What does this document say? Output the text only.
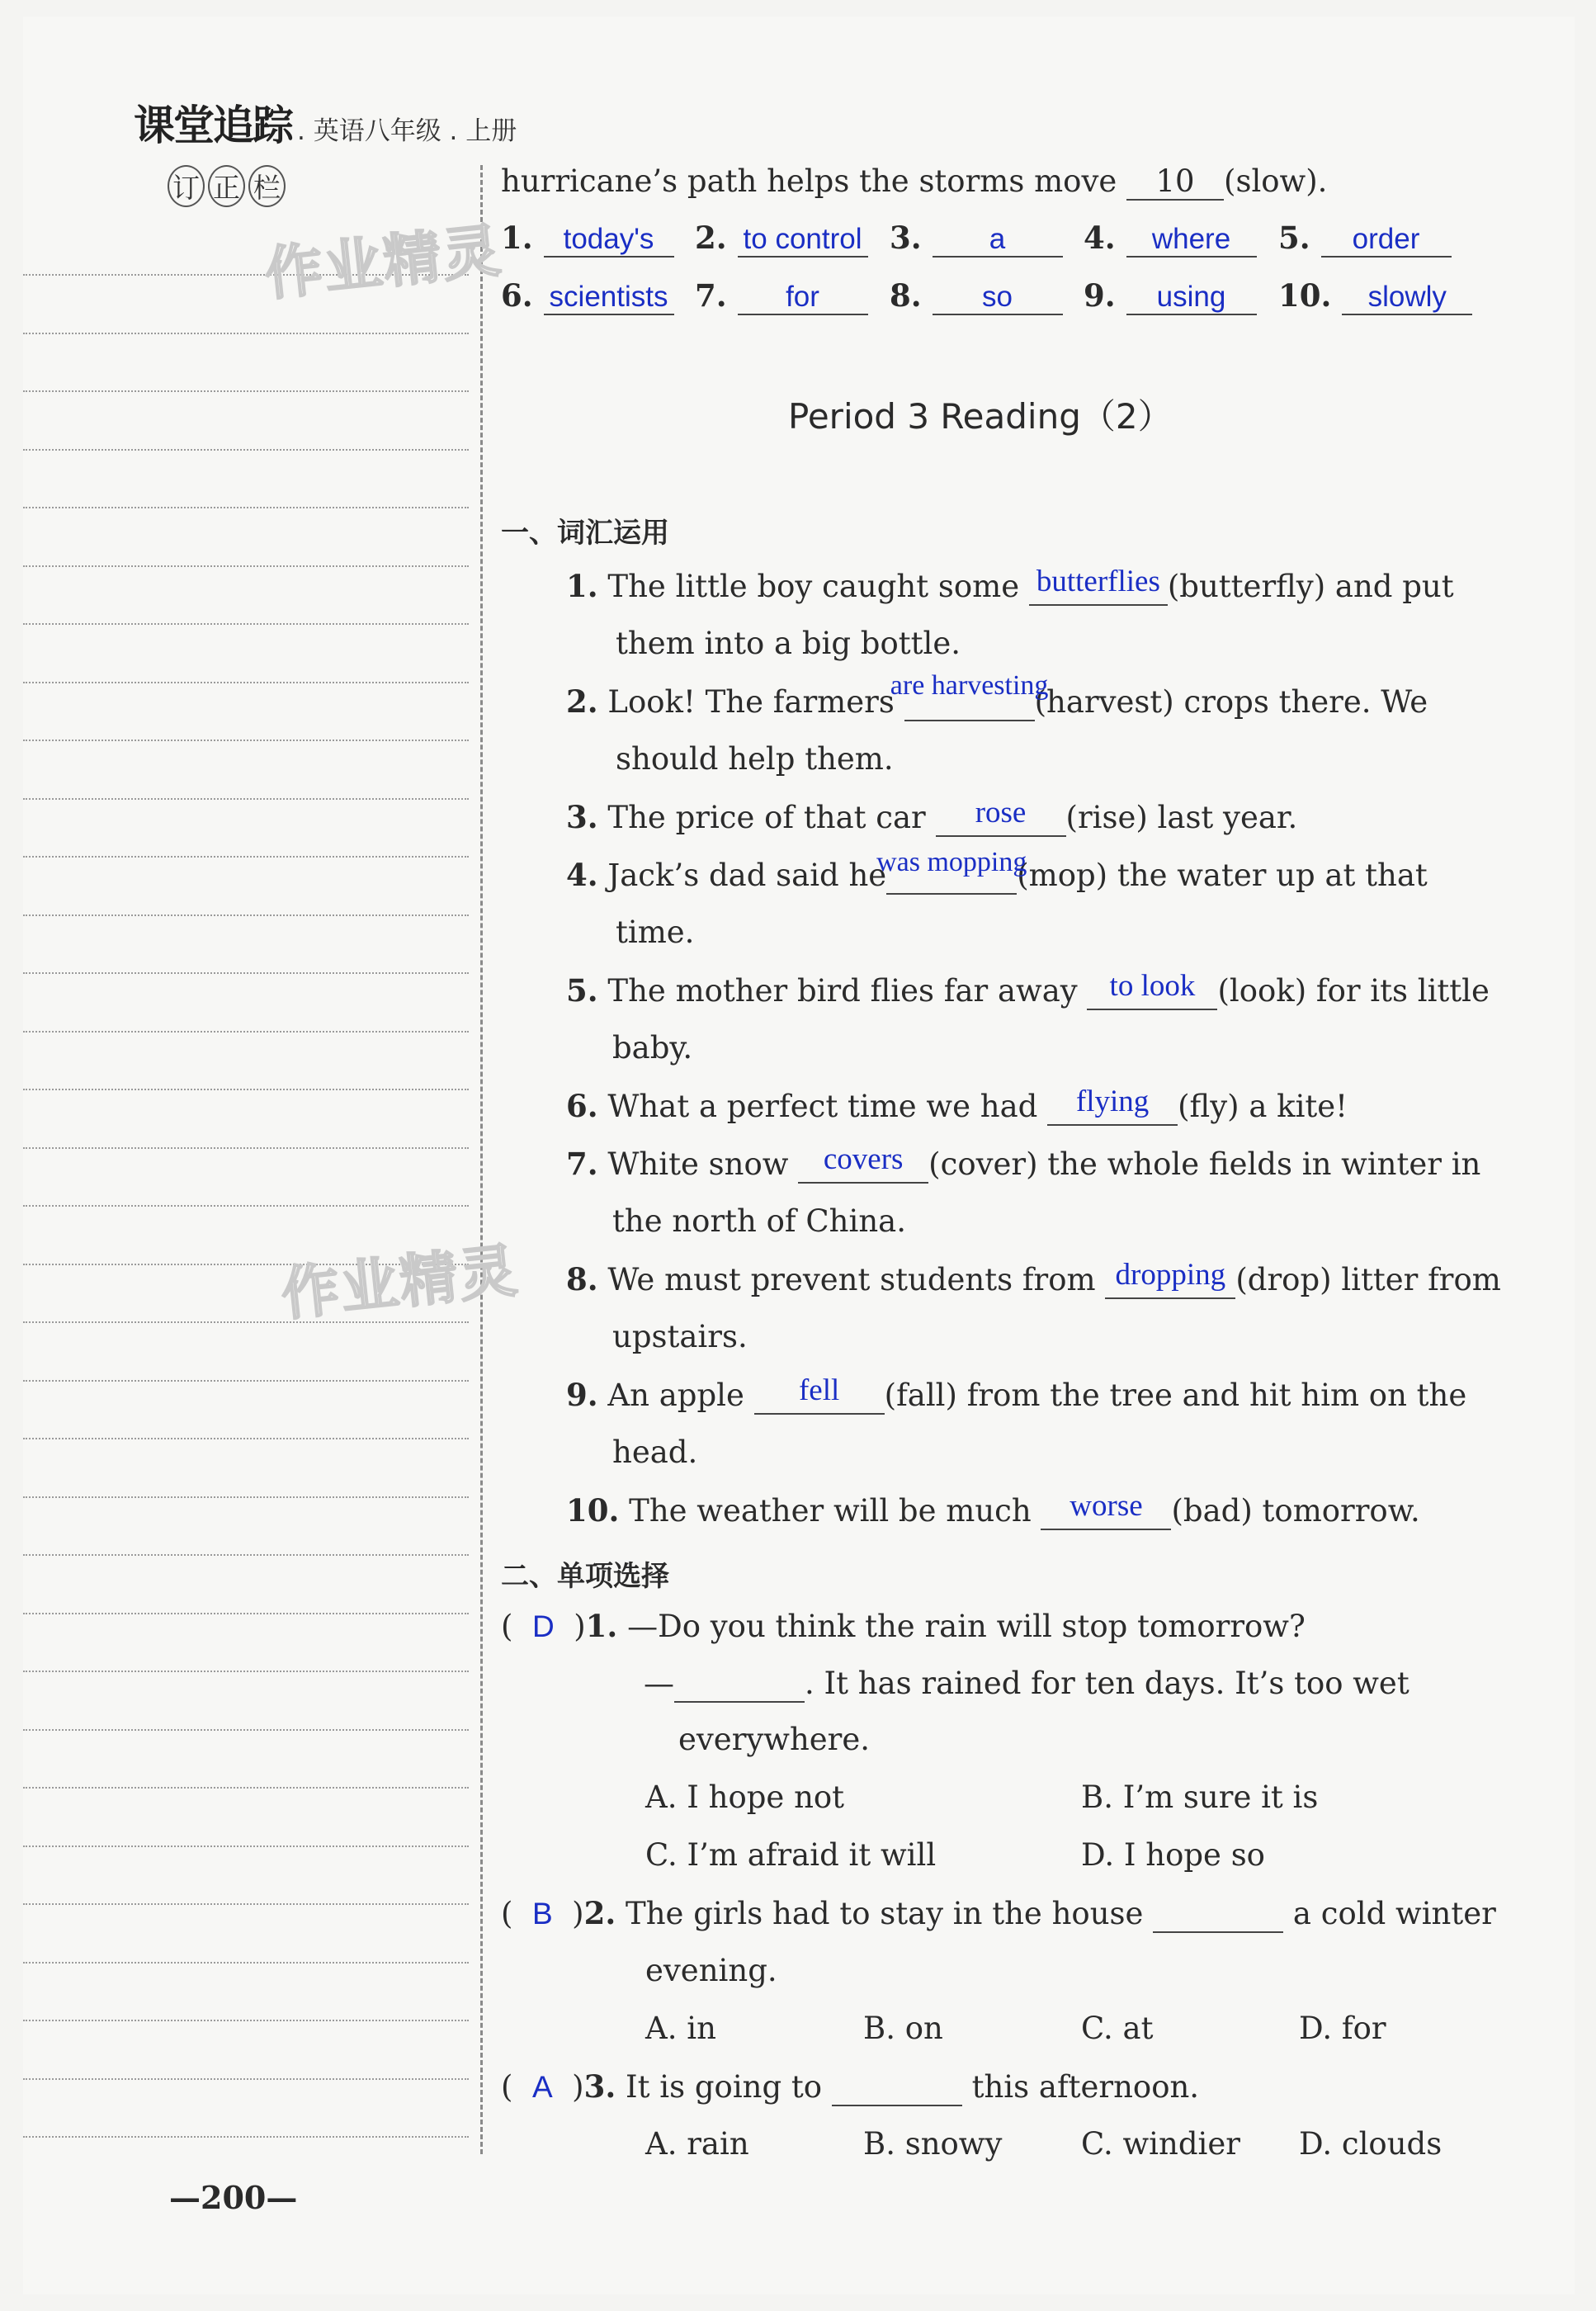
课堂追踪 . 英语八年级 . 上册
订 正 栏
作业精灵
作业精灵
hurricane’s path helps the storms move 10 (slow).
1. today's	2. to control 3. a	4. where	5. order
6. scientists 7. for	8. so	9. using	10. slowly
Period 3 Reading（2）
一、词汇运用
1. The little boy caught some butterflies (butterfly) and put
them into a big bottle.
2. Look! The farmers
are harvesting
(harvest) crops there. We
should help them.
3. The price of that car rose (rise) last year.
4. Jack’s dad said he
was mopping
(mop) the water up at that
time.
5. The mother bird flies far away to look (look) for its little
baby.
6. What a perfect time we had flying (fly) a kite!
7. White snow covers (cover) the whole fields in winter in
the north of China.
8. We must prevent students from dropping (drop) litter from
upstairs.
9. An apple fell (fall) from the tree and hit him on the
head.
10. The weather will be much worse (bad) tomorrow.
二、单项选择
(  D  )1. —Do you think the rain will stop tomorrow?
—	. It has rained for ten days. It’s too wet
everywhere.
A. I hope not	B. I’m sure it is
C. I’m afraid it will	D. I hope so
(  B  )2. The girls had to stay in the house	a cold winter
evening.
A. in	B. on	C. at	D. for
(  A  )3. It is going to	this afternoon.
A. rain	B. snowy	C. windier D. clouds
—200—
